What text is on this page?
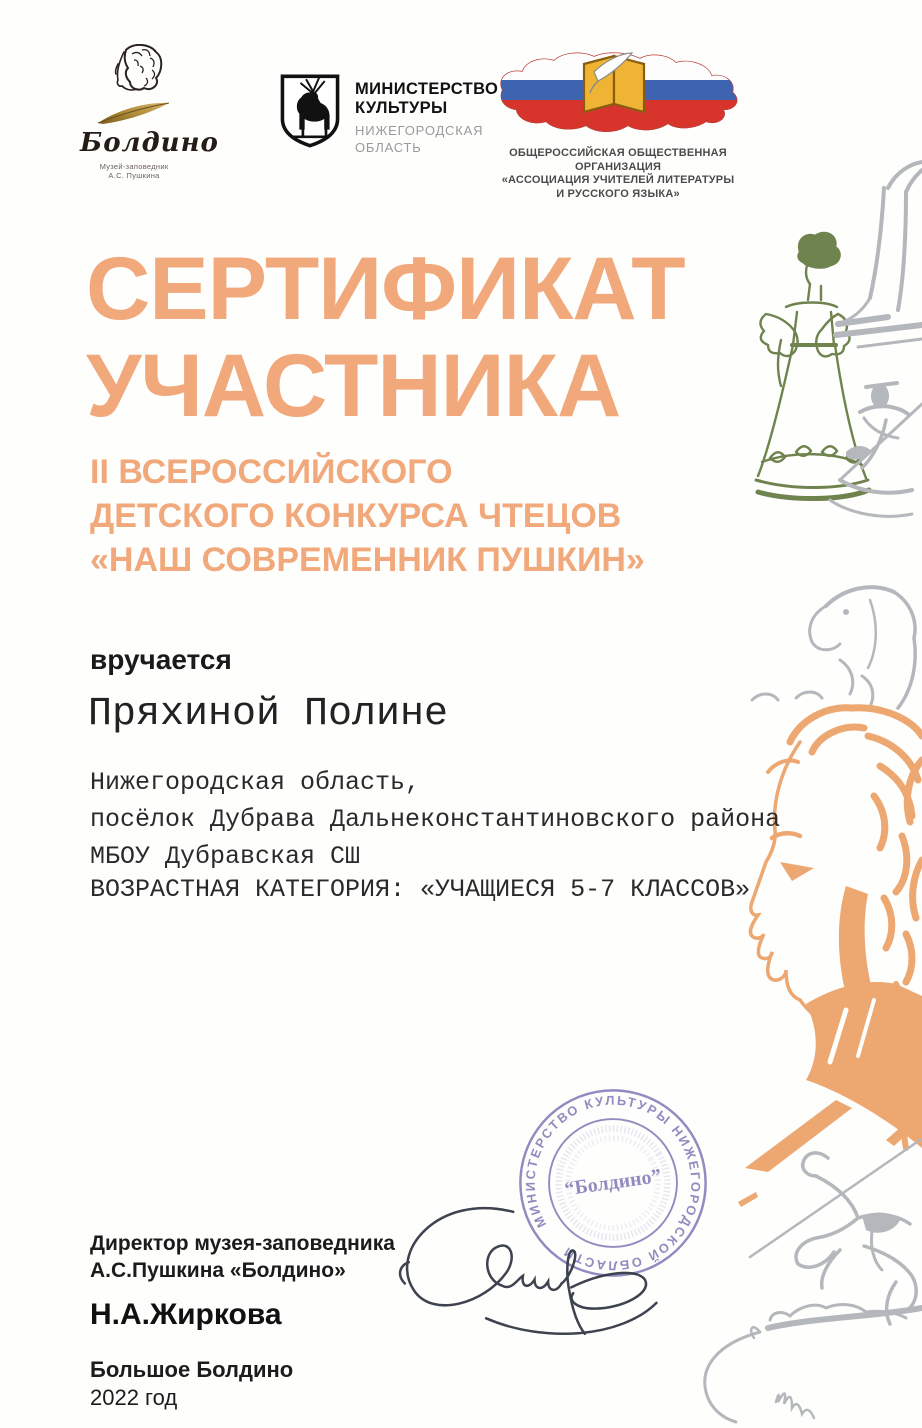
Болдино
Музей-заповедник
А.С. Пушкина
МИНИСТЕРСТВО
КУЛЬТУРЫ
НИЖЕГОРОДСКАЯ
ОБЛАСТЬ	ОБЩЕРОССИЙСКАЯ ОБЩЕСТВЕННАЯ
ОРГАНИЗАЦИЯ
«АССОЦИАЦИЯ УЧИТЕЛЕЙ ЛИТЕРАТУРЫ
И РУССКОГО ЯЗЫКА»
СЕРТИФИКАТ
УЧАСТНИКА
II ВСЕРОССИЙСКОГО
ДЕТСКОГО КОНКУРСА ЧТЕЦОВ
«НАШ СОВРЕМЕННИК ПУШКИН»
вручается
Пряхиной Полине
Нижегородская область,
посёлок Дубрава Дальнеконстантиновского района
МБОУ Дубравская СШ
ВОЗРАСТНАЯ КАТЕГОРИЯ: «УЧАЩИЕСЯ 5-7 КЛАССОВ»
МИНИСТЕРСТВО КУЛЬТУРЫ НИЖЕГОРОДСКОЙ ОБЛАСТИ
“Болдино”
Директор музея-заповедника
А.С.Пушкина «Болдино»
Н.А.Жиркова
Большое Болдино
2022 год
